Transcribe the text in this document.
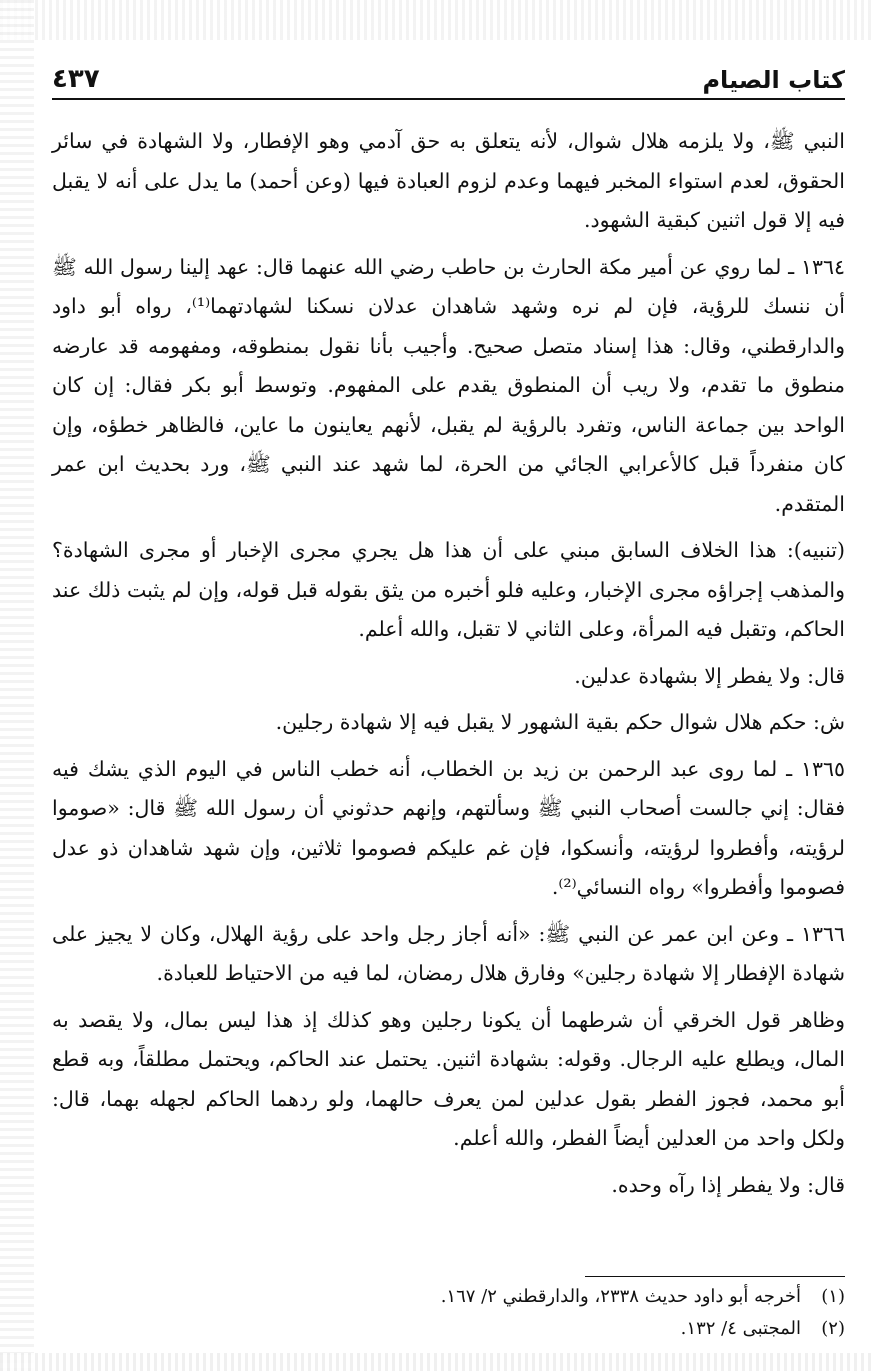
كتاب الصيام
٤٣٧

النبي ﷺ، ولا يلزمه هلال شوال، لأنه يتعلق به حق آدمي وهو الإفطار، ولا الشهادة في سائر الحقوق، لعدم استواء المخبر فيهما وعدم لزوم العبادة فيها (وعن أحمد) ما يدل على أنه لا يقبل فيه إلا قول اثنين كبقية الشهود.

١٣٦٤ ـ لما روي عن أمير مكة الحارث بن حاطب رضي الله عنهما قال: عهد إلينا رسول الله ﷺ أن ننسك للرؤية، فإن لم نره وشهد شاهدان عدلان نسكنا لشهادتهما⁽¹⁾، رواه أبو داود والدارقطني، وقال: هذا إسناد متصل صحيح. وأجيب بأنا نقول بمنطوقه، ومفهومه قد عارضه منطوق ما تقدم، ولا ريب أن المنطوق يقدم على المفهوم. وتوسط أبو بكر فقال: إن كان الواحد بين جماعة الناس، وتفرد بالرؤية لم يقبل، لأنهم يعاينون ما عاين، فالظاهر خطؤه، وإن كان منفرداً قبل كالأعرابي الجائي من الحرة، لما شهد عند النبي ﷺ، ورد بحديث ابن عمر المتقدم.

(تنبيه): هذا الخلاف السابق مبني على أن هذا هل يجري مجرى الإخبار أو مجرى الشهادة؟ والمذهب إجراؤه مجرى الإخبار، وعليه فلو أخبره من يثق بقوله قبل قوله، وإن لم يثبت ذلك عند الحاكم، وتقبل فيه المرأة، وعلى الثاني لا تقبل، والله أعلم.

قال: ولا يفطر إلا بشهادة عدلين.

ش: حكم هلال شوال حكم بقية الشهور لا يقبل فيه إلا شهادة رجلين.

١٣٦٥ ـ لما روى عبد الرحمن بن زيد بن الخطاب، أنه خطب الناس في اليوم الذي يشك فيه فقال: إني جالست أصحاب النبي ﷺ وسألتهم، وإنهم حدثوني أن رسول الله ﷺ قال: «صوموا لرؤيته، وأفطروا لرؤيته، وأنسكوا، فإن غم عليكم فصوموا ثلاثين، وإن شهد شاهدان ذو عدل فصوموا وأفطروا» رواه النسائي⁽²⁾.

١٣٦٦ ـ وعن ابن عمر عن النبي ﷺ: «أنه أجاز رجل واحد على رؤية الهلال، وكان لا يجيز على شهادة الإفطار إلا شهادة رجلين» وفارق هلال رمضان، لما فيه من الاحتياط للعبادة.

وظاهر قول الخرقي أن شرطهما أن يكونا رجلين وهو كذلك إذ هذا ليس بمال، ولا يقصد به المال، ويطلع عليه الرجال. وقوله: بشهادة اثنين. يحتمل عند الحاكم، ويحتمل مطلقاً، وبه قطع أبو محمد، فجوز الفطر بقول عدلين لمن يعرف حالهما، ولو ردهما الحاكم لجهله بهما، قال: ولكل واحد من العدلين أيضاً الفطر، والله أعلم.

قال: ولا يفطر إذا رآه وحده.

(١)
أخرجه أبو داود حديث ٢٣٣٨، والدارقطني ٢/ ١٦٧.
(٢)
المجتبى ٤/ ١٣٢.
